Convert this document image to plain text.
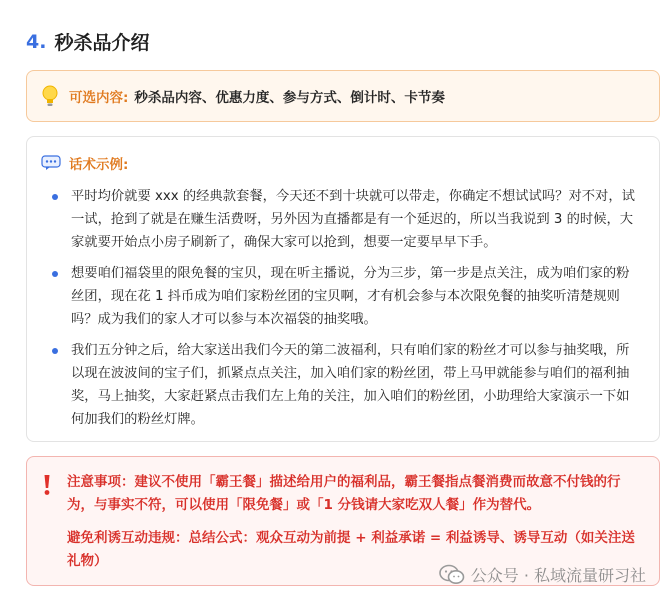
4. 秒杀品介绍
可选内容: 秒杀品内容、优惠力度、参与方式、倒计时、卡节奏
话术示例:
平时均价就要 xxx 的经典款套餐，今天还不到十块就可以带走，你确定不想试试吗？对不对，试一试，抢到了就是在赚生活费呀，另外因为直播都是有一个延迟的，所以当我说到 3 的时候，大家就要开始点小房子刷新了，确保大家可以抢到，想要一定要早早下手。
想要咱们福袋里的限免餐的宝贝，现在听主播说，分为三步，第一步是点关注，成为咱们家的粉丝团，现在花 1 抖币成为咱们家粉丝团的宝贝啊，才有机会参与本次限免餐的抽奖听清楚规则吗？成为我们的家人才可以参与本次福袋的抽奖哦。
我们五分钟之后，给大家送出我们今天的第二波福利，只有咱们家的粉丝才可以参与抽奖哦，所以现在波波间的宝子们，抓紧点点关注，加入咱们家的粉丝团，带上马甲就能参与咱们的福利抽奖，马上抽奖，大家赶紧点击我们左上角的关注，加入咱们的粉丝团，小助理给大家演示一下如何加我们的粉丝灯牌。

注意事项：建议不使用「霸王餐」描述给用户的福利品，霸王餐指点餐消费而故意不付钱的行为，与事实不符，可以使用「限免餐」或「1 分钱请大家吃双人餐」作为替代。

避免利诱互动违规：总结公式：观众互动为前提 + 利益承诺 = 利益诱导、诱导互动（如关注送礼物）

公众号 · 私域流量研习社
